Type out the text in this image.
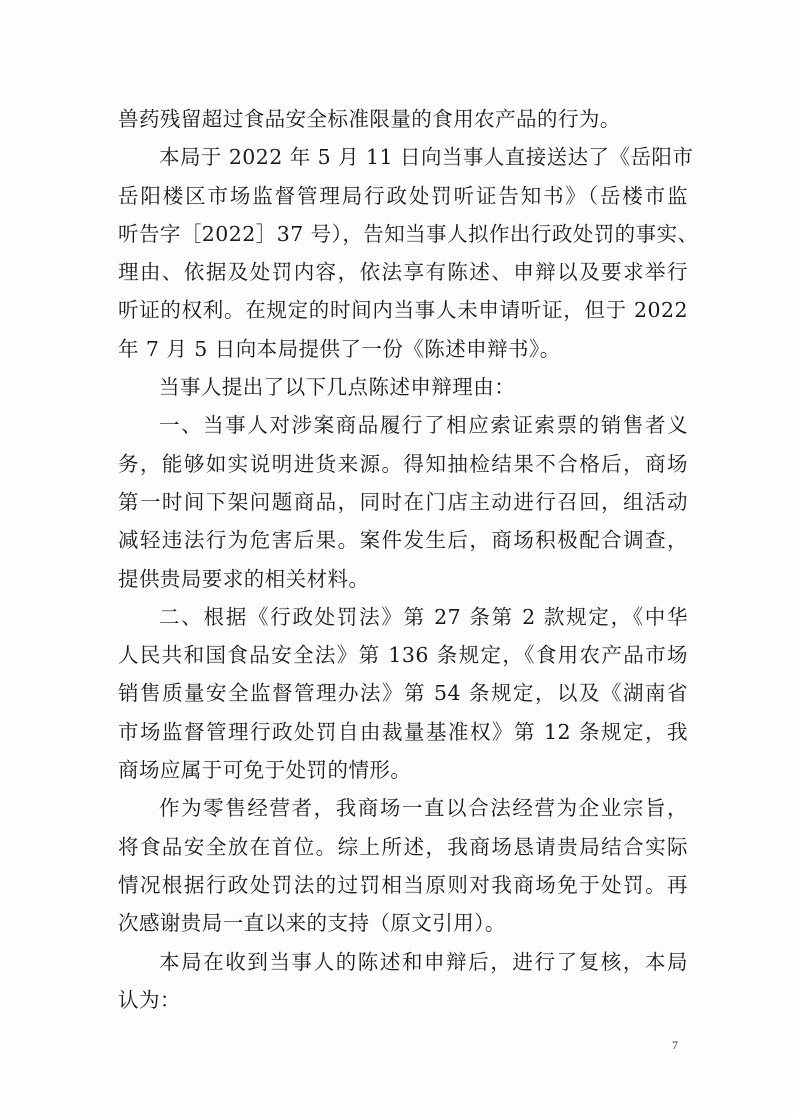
兽药残留超过食品安全标准限量的食用农产品的行为。
本局于 2022 年 5 月 11 日向当事人直接送达了《岳阳市
岳阳楼区市场监督管理局行政处罚听证告知书》（岳楼市监
听告字［2022］37 号），告知当事人拟作出行政处罚的事实、
理由、依据及处罚内容，依法享有陈述、申辩以及要求举行
听证的权利。在规定的时间内当事人未申请听证，但于 2022
年 7 月 5 日向本局提供了一份《陈述申辩书》。
当事人提出了以下几点陈述申辩理由：
一、当事人对涉案商品履行了相应索证索票的销售者义
务，能够如实说明进货来源。得知抽检结果不合格后，商场
第一时间下架问题商品，同时在门店主动进行召回，组活动
减轻违法行为危害后果。案件发生后，商场积极配合调查，
提供贵局要求的相关材料。
二、根据《行政处罚法》第 27 条第 2 款规定，《中华
人民共和国食品安全法》第 136 条规定，《食用农产品市场
销售质量安全监督管理办法》第 54 条规定，以及《湖南省
市场监督管理行政处罚自由裁量基准权》第 12 条规定，我
商场应属于可免于处罚的情形。
作为零售经营者，我商场一直以合法经营为企业宗旨，
将食品安全放在首位。综上所述，我商场恳请贵局结合实际
情况根据行政处罚法的过罚相当原则对我商场免于处罚。再
次感谢贵局一直以来的支持（原文引用）。
本局在收到当事人的陈述和申辩后，进行了复核，本局
认为：
7
